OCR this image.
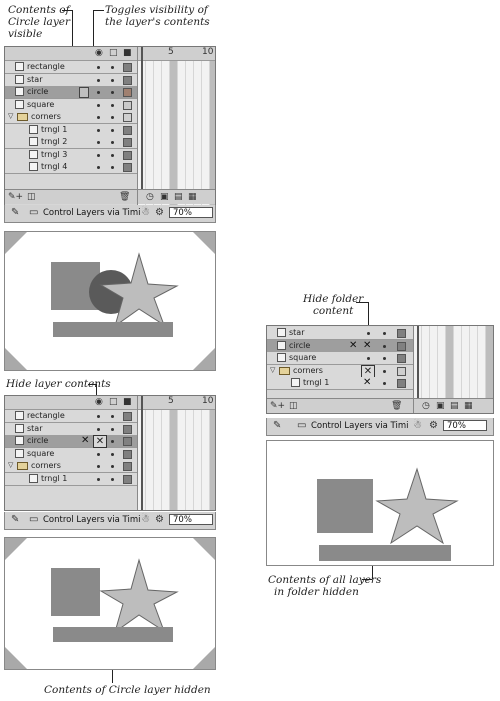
Contents of
Circle layer
visible
Toggles visibility of
the layer's contents
Hide folder
content
Hide layer contents
Contents of Circle layer hidden
Contents of all layers
in folder hidden
◉ □ ■
rectangle
star
circle
square
▽ corners
trngl 1
trngl 2
trngl 3
trngl 4
✎+ ◫	🗑
5	10
◷ ▣ ▤ ▦
✎ ▭ Control Layers via Timi ☃ ⚙	70%
◉ □ ■
rectangle
star
circle	✕ ✕
square
▽ corners
trngl 1
5	10
✎ ▭ Control Layers via Timi ☃ ⚙	70%
star
circle	✕ ✕
square
▽ corners	✕
trngl 1	✕
✎+ ◫	🗑 ◷ ▣ ▤ ▦
✎ ▭ Control Layers via Timi ☃ ⚙	70%
